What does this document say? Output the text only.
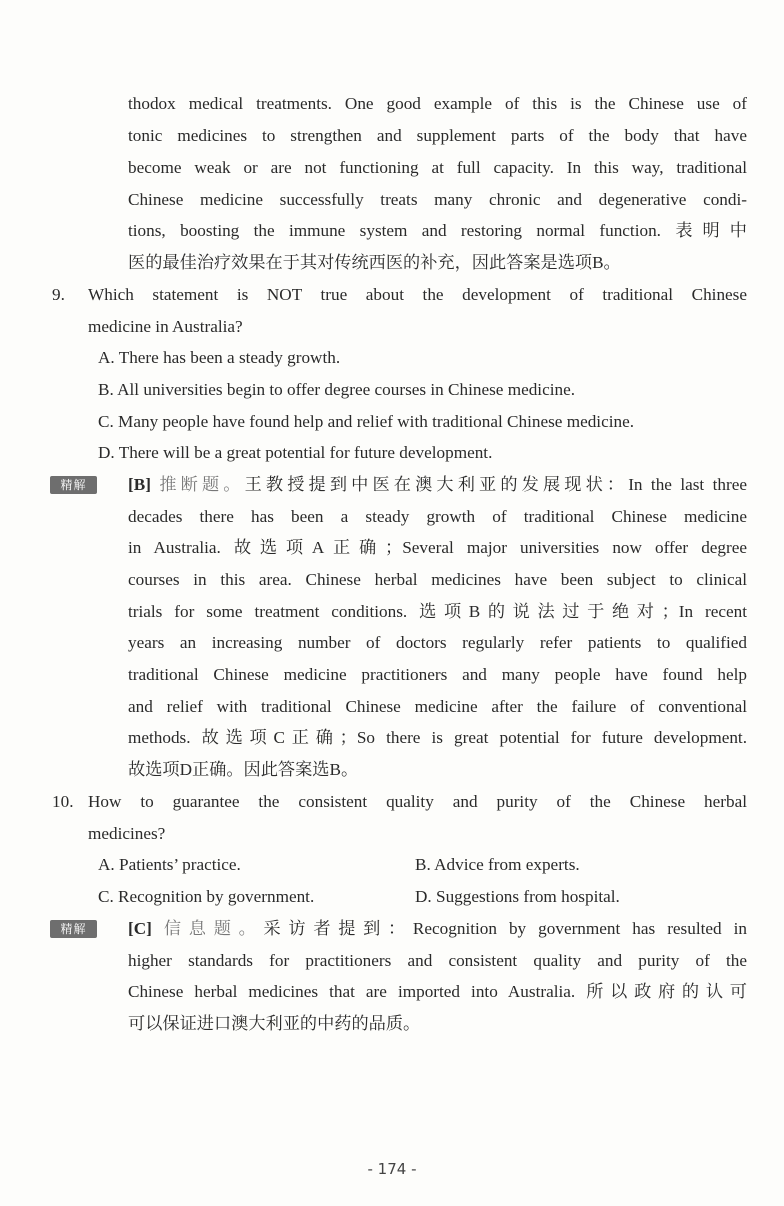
thodox medical treatments. One good example of this is the Chinese use of
tonic medicines to strengthen and supplement parts of the body that have
become weak or are not functioning at full capacity. In this way, traditional
Chinese medicine successfully treats many chronic and degenerative condi-
tions, boosting the immune system and restoring normal function. 表明中
医的最佳治疗效果在于其对传统西医的补充，因此答案是选项B。
9. Which statement is NOT true about the development of traditional Chinese
medicine in Australia?
A. There has been a steady growth.
B. All universities begin to offer degree courses in Chinese medicine.
C. Many people have found help and relief with traditional Chinese medicine.
D. There will be a great potential for future development.
精解	[B] 推断题。王教授提到中医在澳大利亚的发展现状：In the last three
decades there has been a steady growth of traditional Chinese medicine
in Australia. 故选项A正确；Several major universities now offer degree
courses in this area. Chinese herbal medicines have been subject to clinical
trials for some treatment conditions. 选项B的说法过于绝对；In recent
years an increasing number of doctors regularly refer patients to qualified
traditional Chinese medicine practitioners and many people have found help
and relief with traditional Chinese medicine after the failure of conventional
methods. 故选项C正确；So there is great potential for future development.
故选项D正确。因此答案选B。
10. How to guarantee the consistent quality and purity of the Chinese herbal
medicines?
A. Patients’ practice.	B. Advice from experts.
C. Recognition by government.	D. Suggestions from hospital.
精解	[C] 信息题。采访者提到：Recognition by government has resulted in
higher standards for practitioners and consistent quality and purity of the
Chinese herbal medicines that are imported into Australia. 所以政府的认可
可以保证进口澳大利亚的中药的品质。
- 174 -
